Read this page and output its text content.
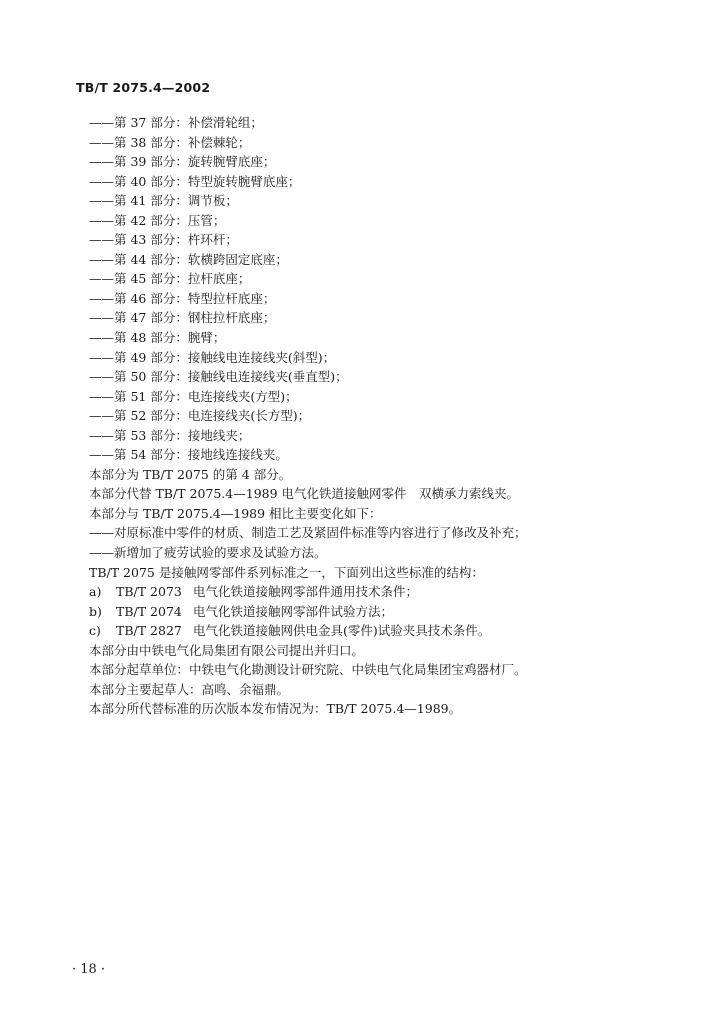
TB/T 2075.4—2002
——第 37 部分：补偿滑轮组；
——第 38 部分：补偿棘轮；
——第 39 部分：旋转腕臂底座；
——第 40 部分：特型旋转腕臂底座；
——第 41 部分：调节板；
——第 42 部分：压管；
——第 43 部分：杵环杆；
——第 44 部分：软横跨固定底座；
——第 45 部分：拉杆底座；
——第 46 部分：特型拉杆底座；
——第 47 部分：钢柱拉杆底座；
——第 48 部分：腕臂；
——第 49 部分：接触线电连接线夹(斜型)；
——第 50 部分：接触线电连接线夹(垂直型)；
——第 51 部分：电连接线夹(方型)；
——第 52 部分：电连接线夹(长方型)；
——第 53 部分：接地线夹；
——第 54 部分：接地线连接线夹。
本部分为 TB/T 2075 的第 4 部分。
本部分代替 TB/T 2075.4—1989 电气化铁道接触网零件　双横承力索线夹。
本部分与 TB/T 2075.4—1989 相比主要变化如下：
——对原标准中零件的材质、制造工艺及紧固件标准等内容进行了修改及补充；
——新增加了疲劳试验的要求及试验方法。
TB/T 2075 是接触网零部件系列标准之一，下面列出这些标准的结构：
a)	TB/T 2073 电气化铁道接触网零部件通用技术条件；
b)	TB/T 2074 电气化铁道接触网零部件试验方法；
c)	TB/T 2827 电气化铁道接触网供电金具(零件)试验夹具技术条件。
本部分由中铁电气化局集团有限公司提出并归口。
本部分起草单位：中铁电气化勘测设计研究院、中铁电气化局集团宝鸡器材厂。
本部分主要起草人：高鸣、余福鼎。
本部分所代替标准的历次版本发布情况为：TB/T 2075.4—1989。
· 18 ·
